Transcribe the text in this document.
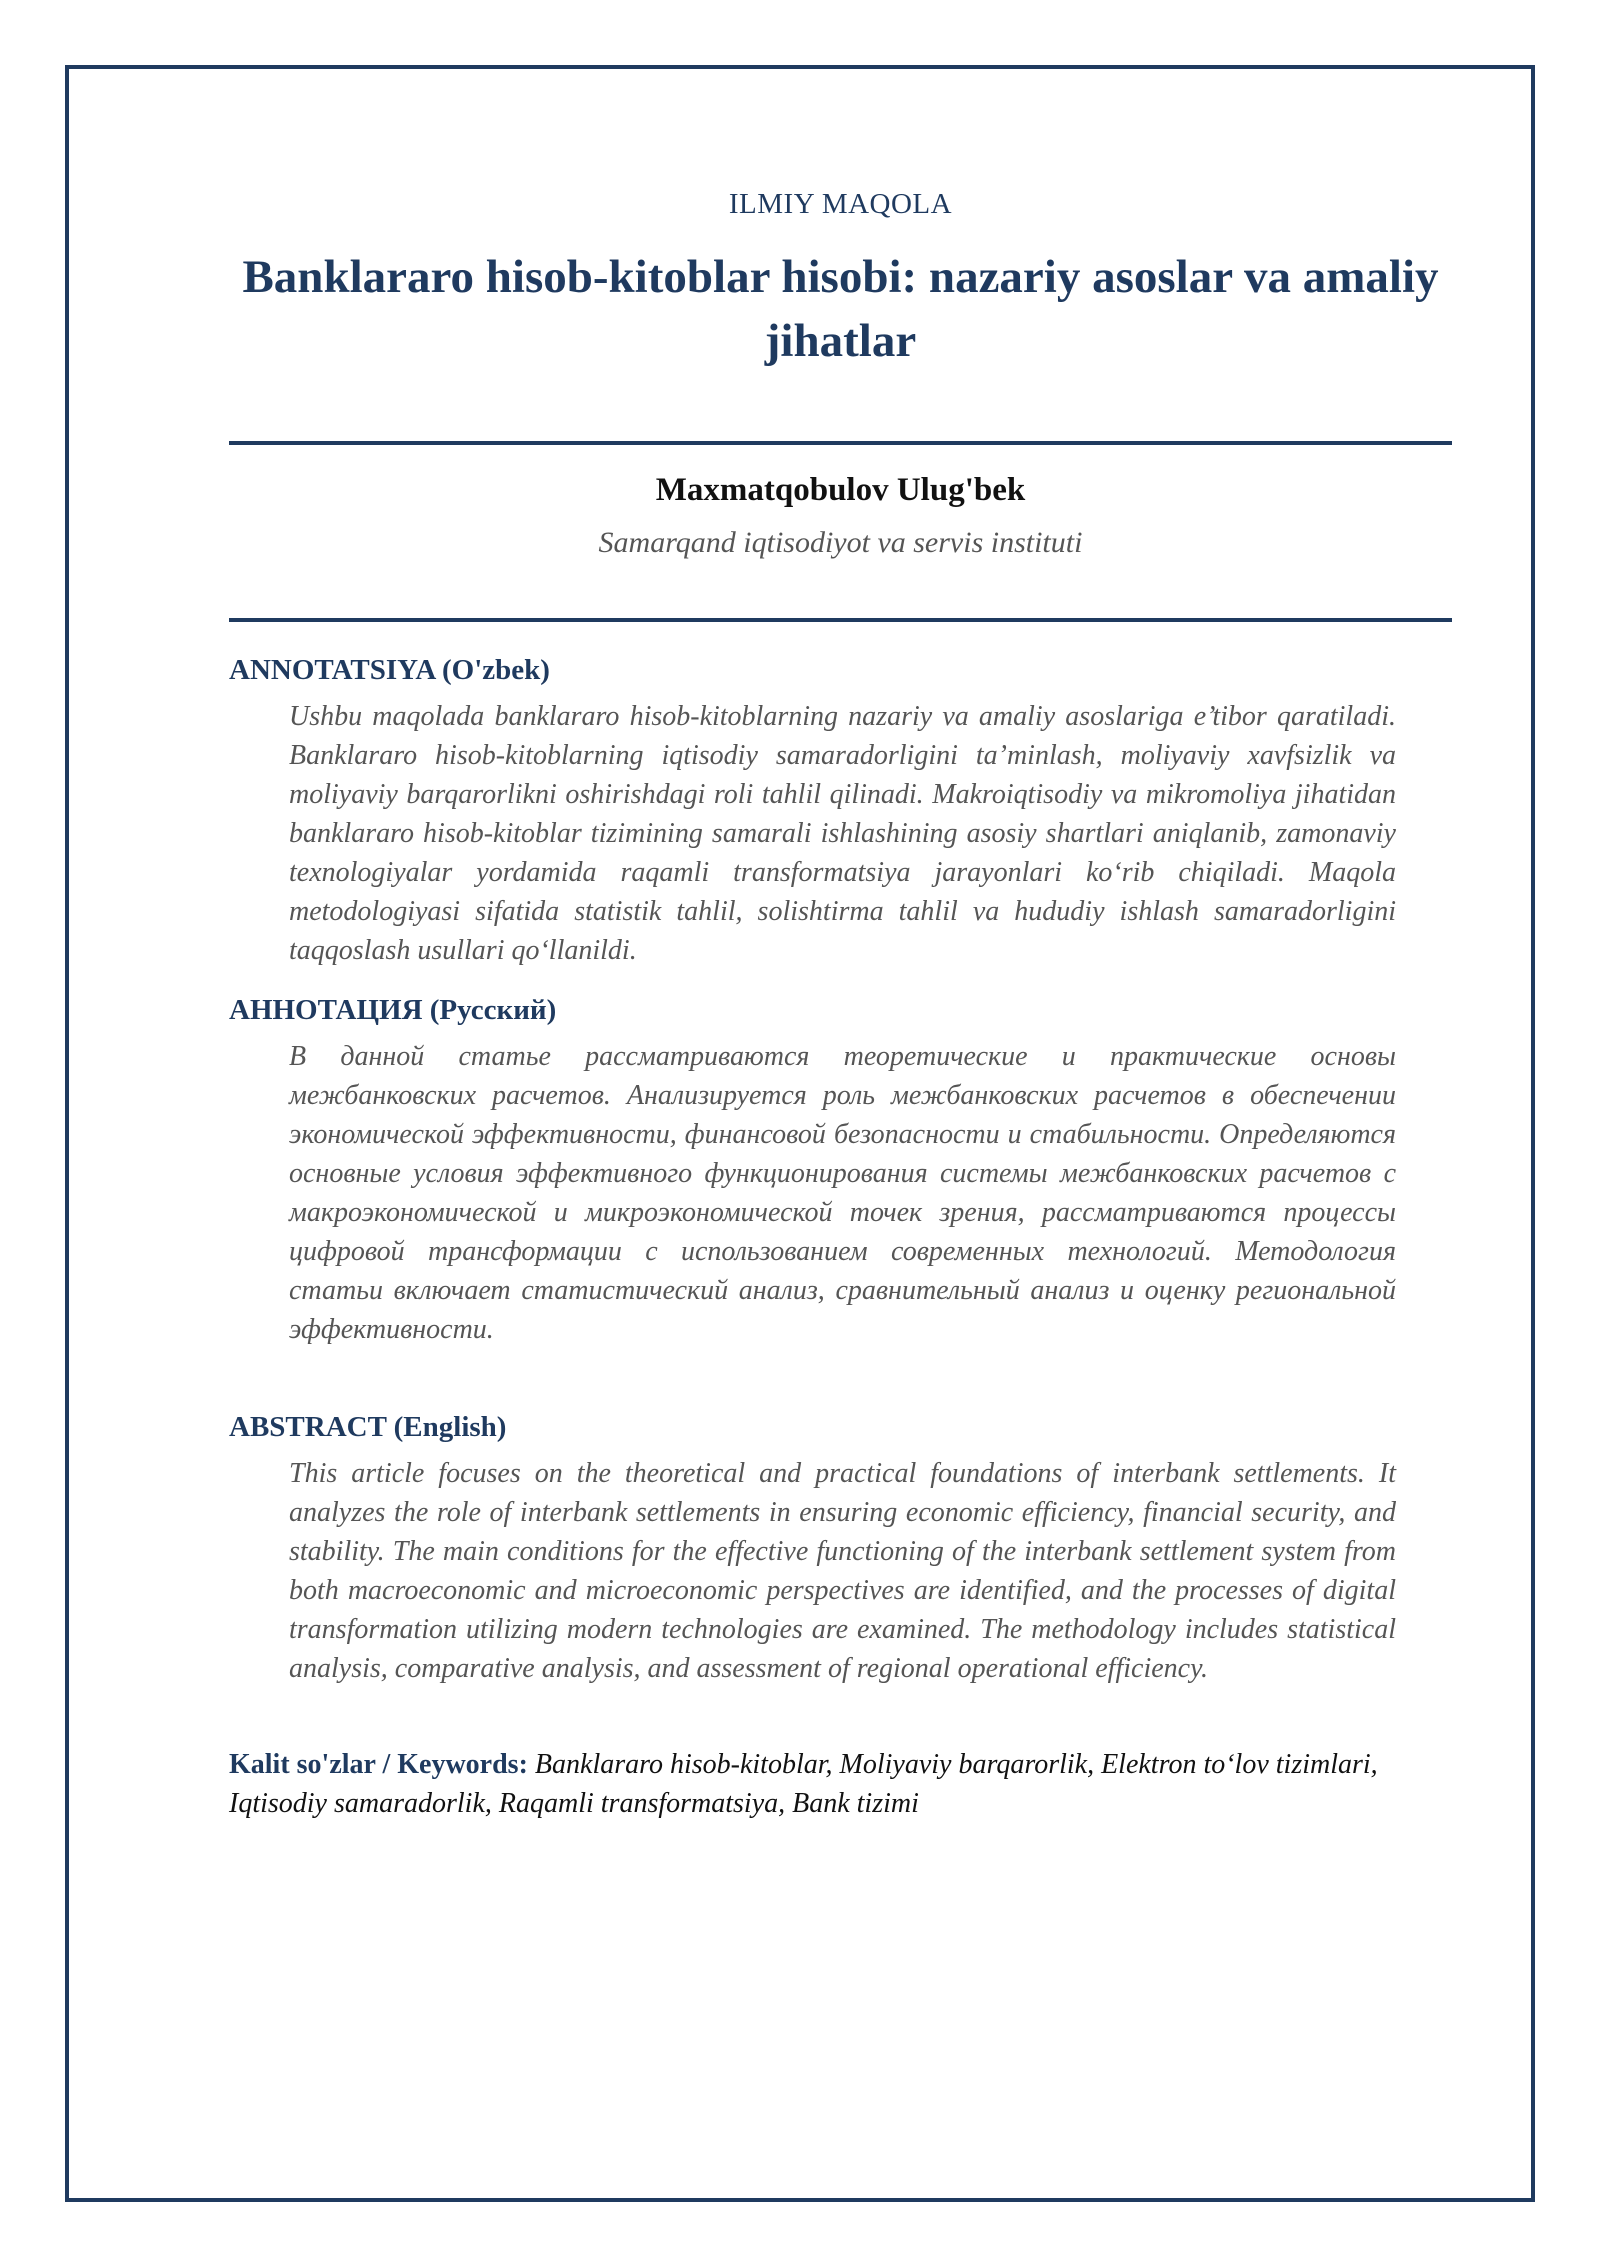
ILMIY MAQOLA
Banklararo hisob-kitoblar hisobi: nazariy asoslar va amaliy jihatlar
Maxmatqobulov Ulug'bek
Samarqand iqtisodiyot va servis instituti
ANNOTATSIYA (O'zbek)
Ushbu maqolada banklararo hisob-kitoblarning nazariy va amaliy asoslariga e’tibor qaratiladi. Banklararo hisob-kitoblarning iqtisodiy samaradorligini ta’minlash, moliyaviy xavfsizlik va moliyaviy barqarorlikni oshirishdagi roli tahlil qilinadi. Makroiqtisodiy va mikromoliya jihatidan banklararo hisob-kitoblar tizimining samarali ishlashining asosiy shartlari aniqlanib, zamonaviy texnologiyalar yordamida raqamli transformatsiya jarayonlari ko‘rib chiqiladi. Maqola metodologiyasi sifatida statistik tahlil, solishtirma tahlil va hududiy ishlash samaradorligini taqqoslash usullari qo‘llanildi.
АННОТАЦИЯ (Русский)
В данной статье рассматриваются теоретические и практические основы межбанковских расчетов. Анализируется роль межбанковских расчетов в обеспечении экономической эффективности, финансовой безопасности и стабильности. Определяются основные условия эффективного функционирования системы межбанковских расчетов с макроэкономической и микроэкономической точек зрения, рассматриваются процессы цифровой трансформации с использованием современных технологий. Методология статьи включает статистический анализ, сравнительный анализ и оценку региональной эффективности.
ABSTRACT (English)
This article focuses on the theoretical and practical foundations of interbank settlements. It analyzes the role of interbank settlements in ensuring economic efficiency, financial security, and stability. The main conditions for the effective functioning of the interbank settlement system from both macroeconomic and microeconomic perspectives are identified, and the processes of digital transformation utilizing modern technologies are examined. The methodology includes statistical analysis, comparative analysis, and assessment of regional operational efficiency.
Kalit so'zlar / Keywords: Banklararo hisob-kitoblar, Moliyaviy barqarorlik, Elektron to‘lov tizimlari, Iqtisodiy samaradorlik, Raqamli transformatsiya, Bank tizimi
